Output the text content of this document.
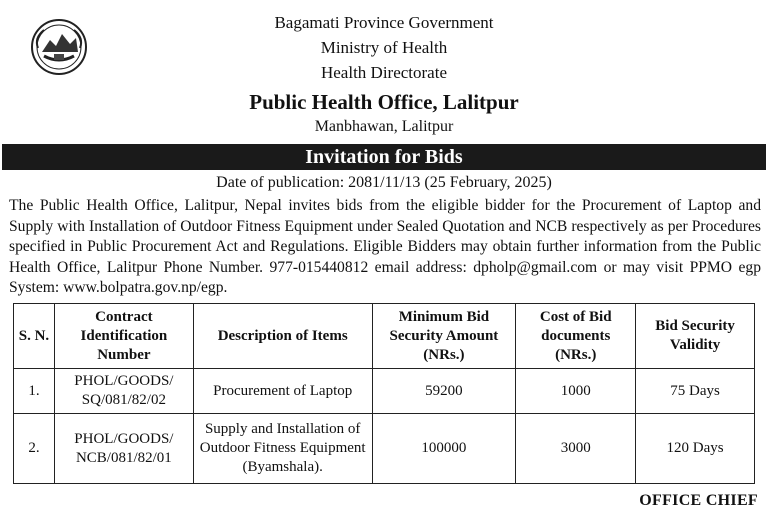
Bagamati Province Government
Ministry of Health
Health Directorate
Public Health Office, Lalitpur
Manbhawan, Lalitpur
Invitation for Bids
Date of publication: 2081/11/13 (25 February, 2025)
The Public Health Office, Lalitpur, Nepal invites bids from the eligible bidder for the Procurement of Laptop and Supply with Installation of Outdoor Fitness Equipment under Sealed Quotation and NCB respectively as per Procedures specified in Public Procurement Act and Regulations. Eligible Bidders may obtain further information from the Public Health Office, Lalitpur Phone Number. 977-015440812 email address: dpholp@gmail.com or may visit PPMO egp System: www.bolpatra.gov.np/egp.
S. N.	Contract Identification Number	Description of Items	Minimum Bid Security Amount (NRs.)	Cost of Bid documents (NRs.)	Bid Security Validity
1.	PHOL/GOODS/ SQ/081/82/02	Procurement of Laptop	59200	1000	75 Days
2.	PHOL/GOODS/ NCB/081/82/01	Supply and Installation of Outdoor Fitness Equipment (Byamshala).	100000	3000	120 Days
OFFICE CHIEF
